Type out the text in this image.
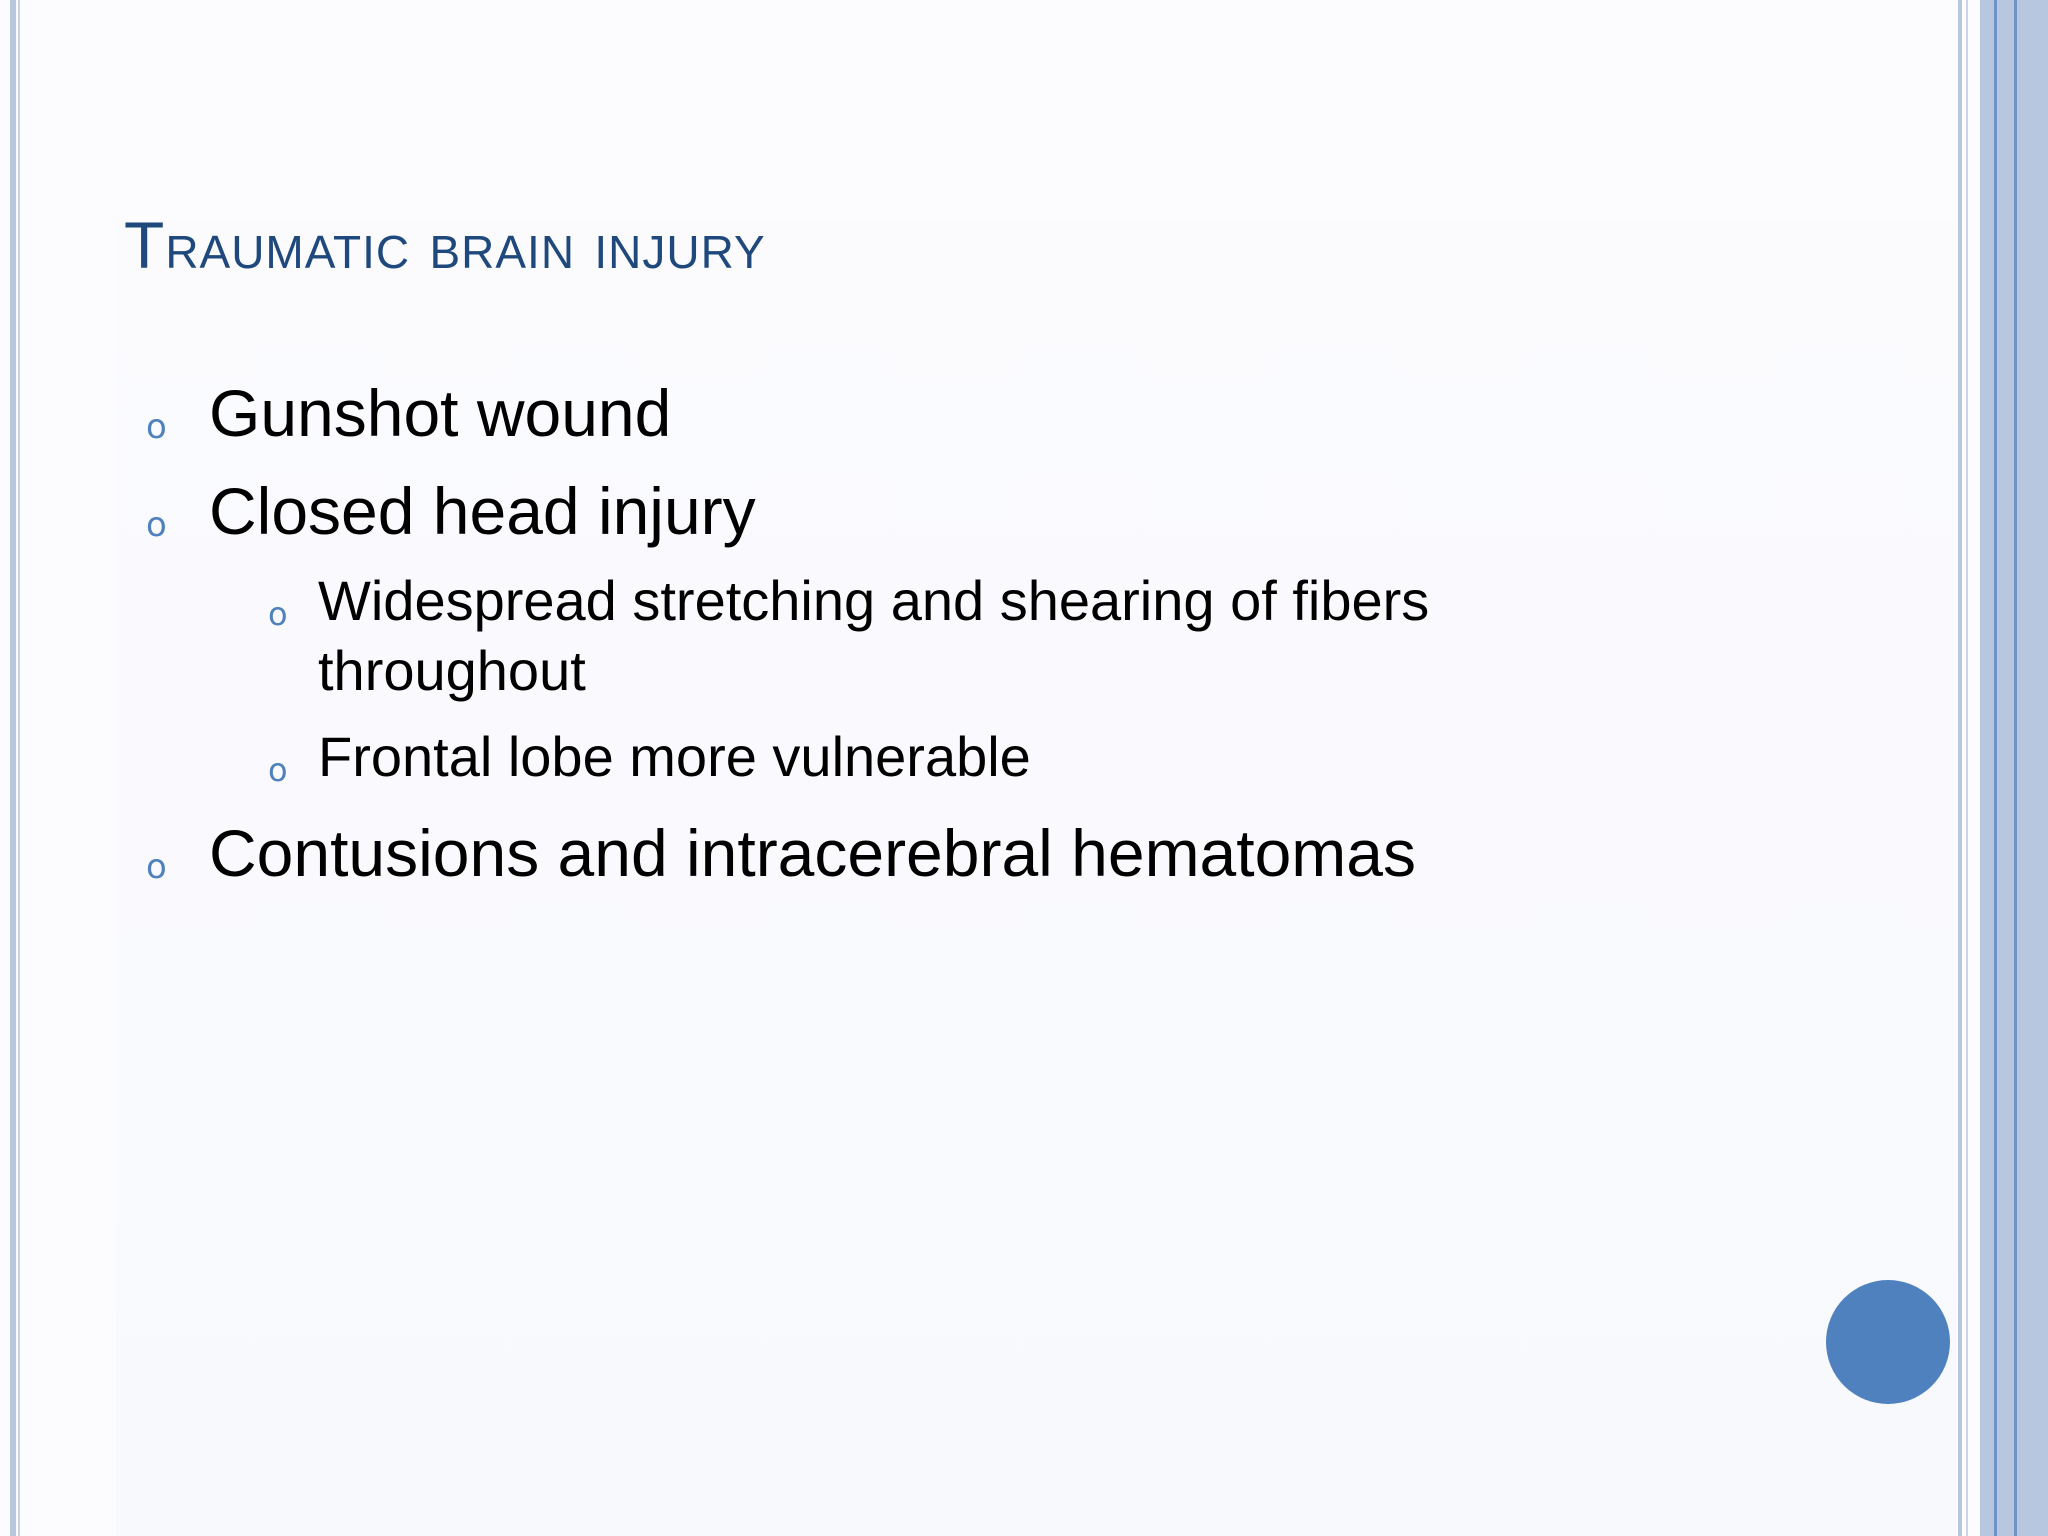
Traumatic brain injury
o Gunshot wound
o Closed head injury
o Widespread stretching and shearing of fibers throughout
o Frontal lobe more vulnerable
o Contusions and intracerebral hematomas
